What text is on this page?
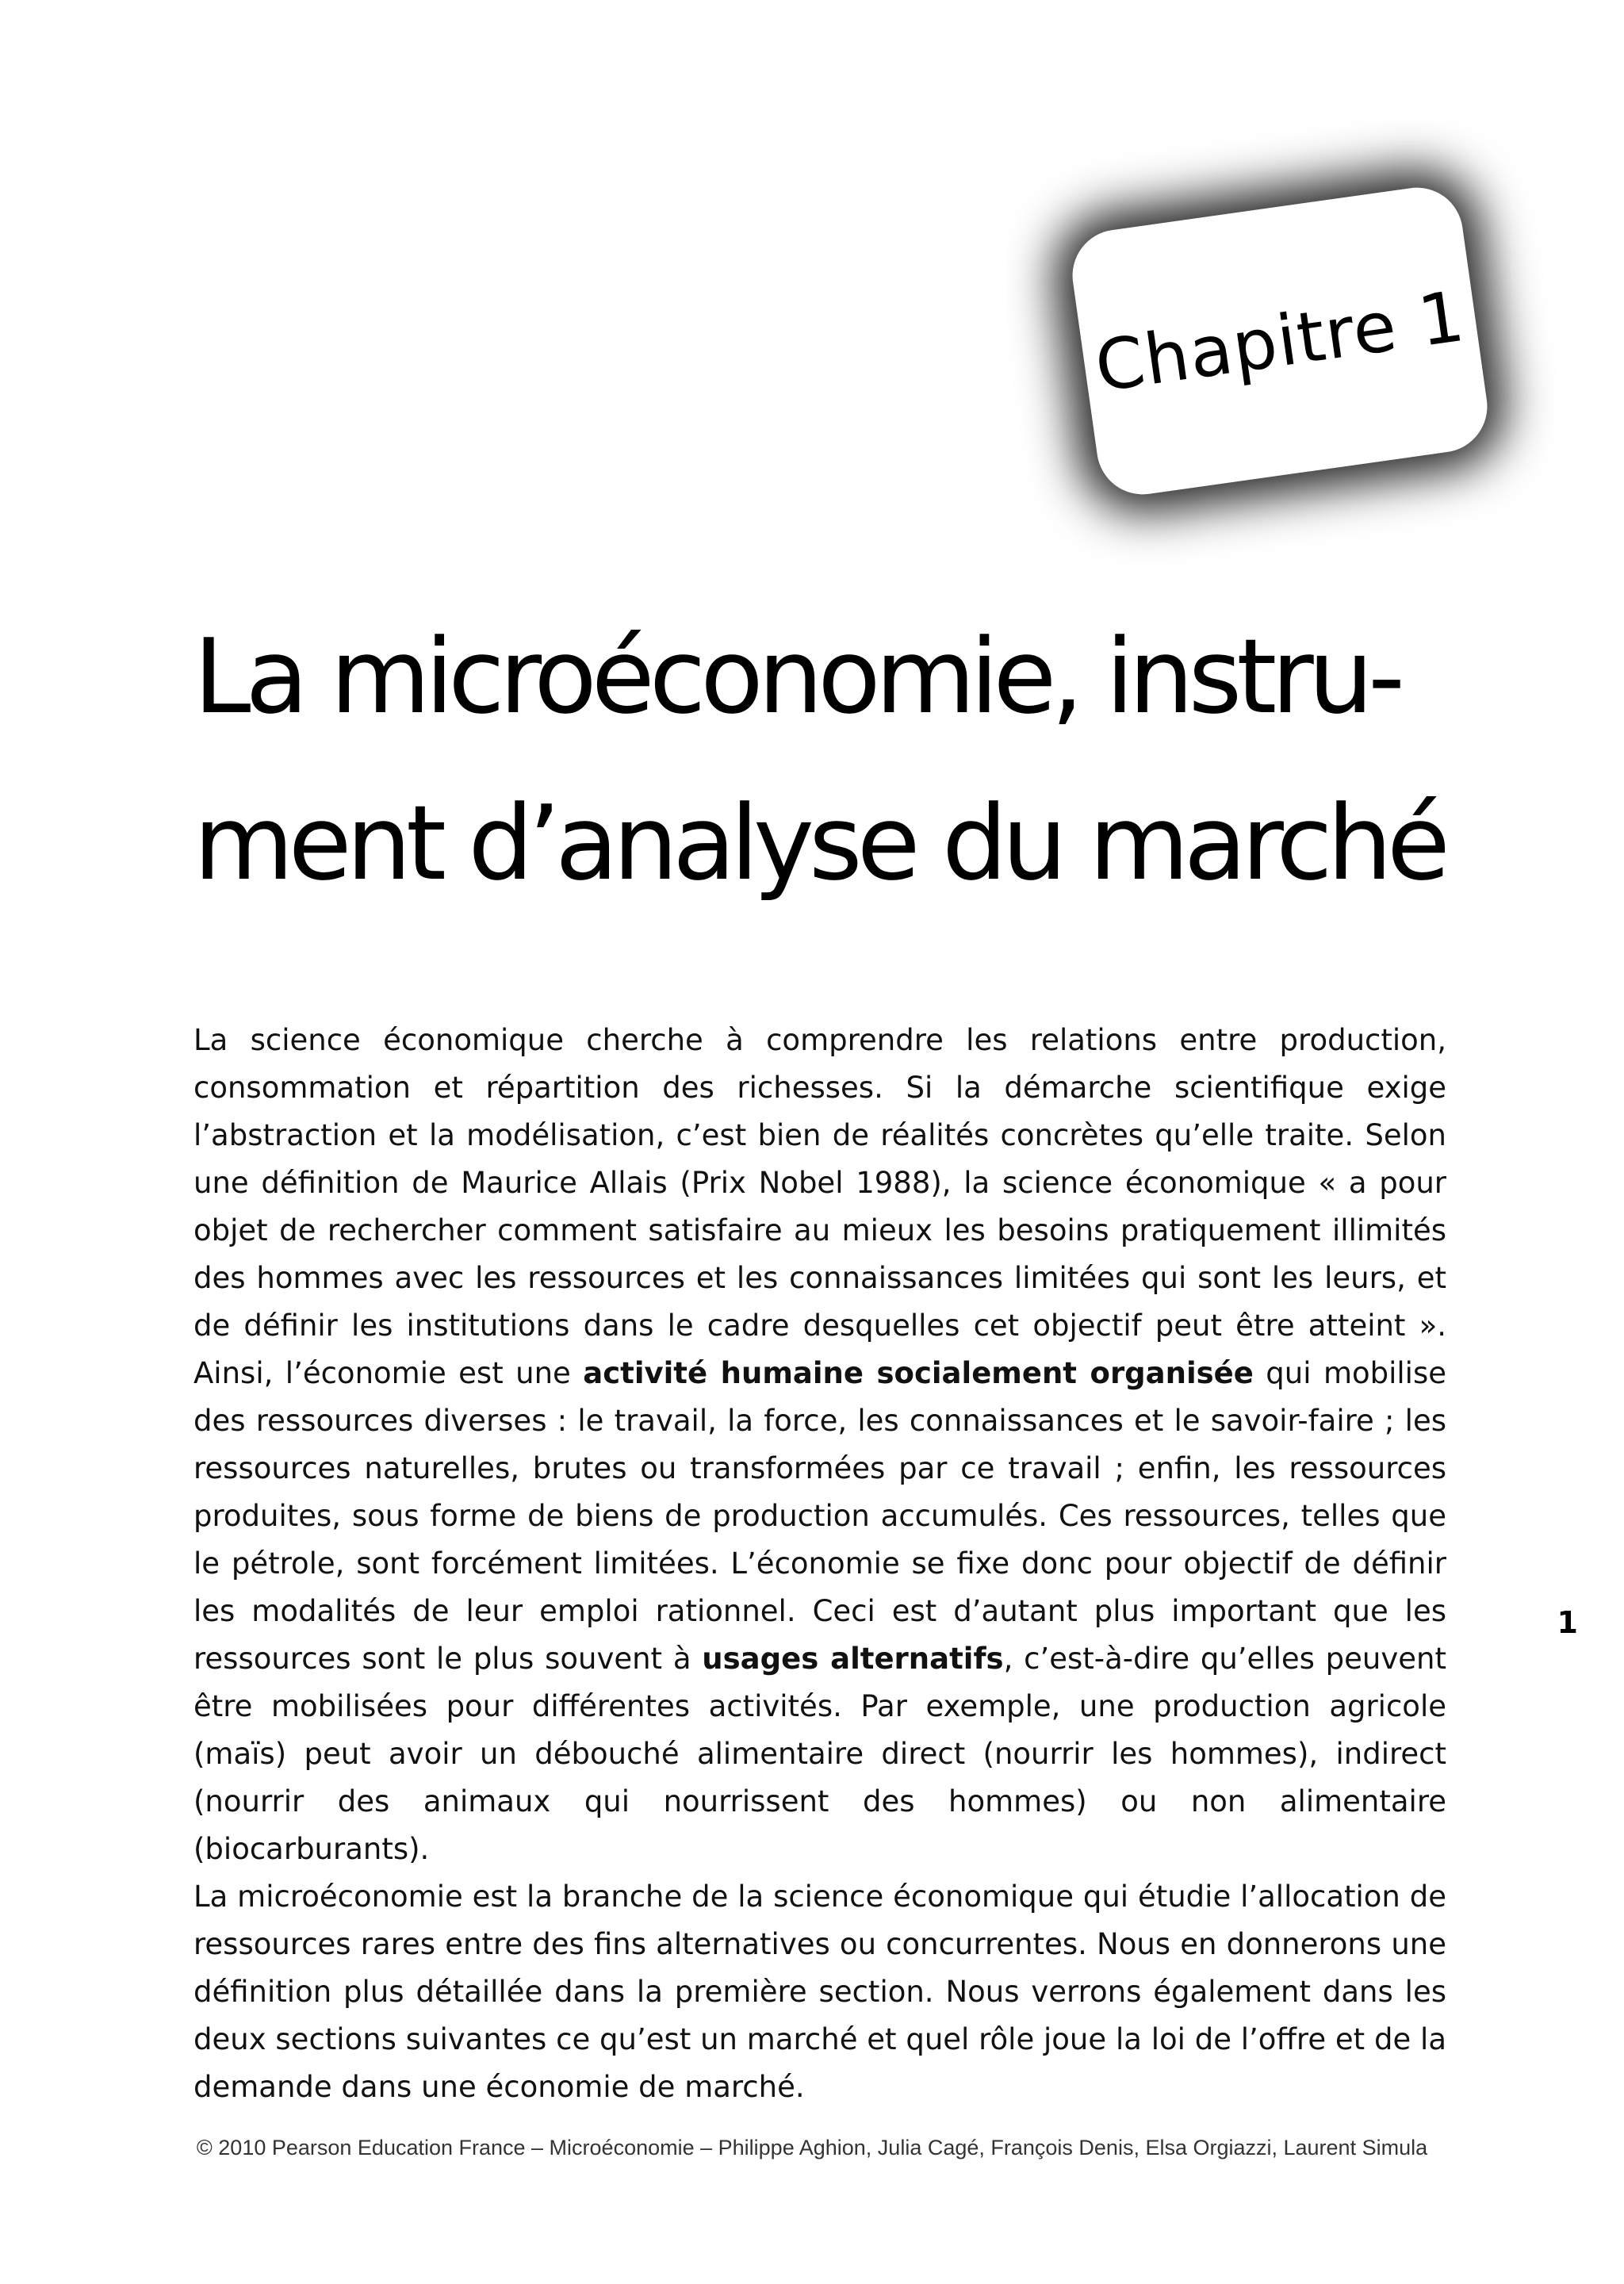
Chapitre 1
La microéconomie, instru-
ment d’analyse du marché

La science économique cherche à comprendre les relations entre production, consommation et répartition des richesses. Si la démarche scientifique exige l’abstraction et la modélisation, c’est bien de réalités concrètes qu’elle traite. Selon une définition de Maurice Allais (Prix Nobel 1988), la science économique « a pour objet de rechercher comment satisfaire au mieux les besoins pratiquement illimités des hommes avec les ressources et les connaissances limitées qui sont les leurs, et de définir les institutions dans le cadre desquelles cet objectif peut être atteint ». Ainsi, l’économie est une activité humaine socialement organisée qui mobilise des ressources diverses : le travail, la force, les connaissances et le savoir-faire ; les ressources naturelles, brutes ou transformées par ce travail ; enfin, les ressources produites, sous forme de biens de production accumulés. Ces ressources, telles que le pétrole, sont forcément limitées. L’économie se fixe donc pour objectif de définir les modalités de leur emploi rationnel. Ceci est d’autant plus important que les ressources sont le plus souvent à usages alternatifs, c’est-à-dire qu’elles peuvent être mobilisées pour différentes activités. Par exemple, une production agricole (maïs) peut avoir un débouché alimentaire direct (nourrir les hommes), indirect (nourrir des animaux qui nourrissent des hommes) ou non alimentaire (biocarburants).

La microéconomie est la branche de la science économique qui étudie l’allocation de ressources rares entre des fins alternatives ou concurrentes. Nous en donnerons une définition plus détaillée dans la première section. Nous verrons également dans les deux sections suivantes ce qu’est un marché et quel rôle joue la loi de l’offre et de la demande dans une économie de marché.

1
© 2010 Pearson Education France – Microéconomie – Philippe Aghion, Julia Cagé, François Denis, Elsa Orgiazzi, Laurent Simula
